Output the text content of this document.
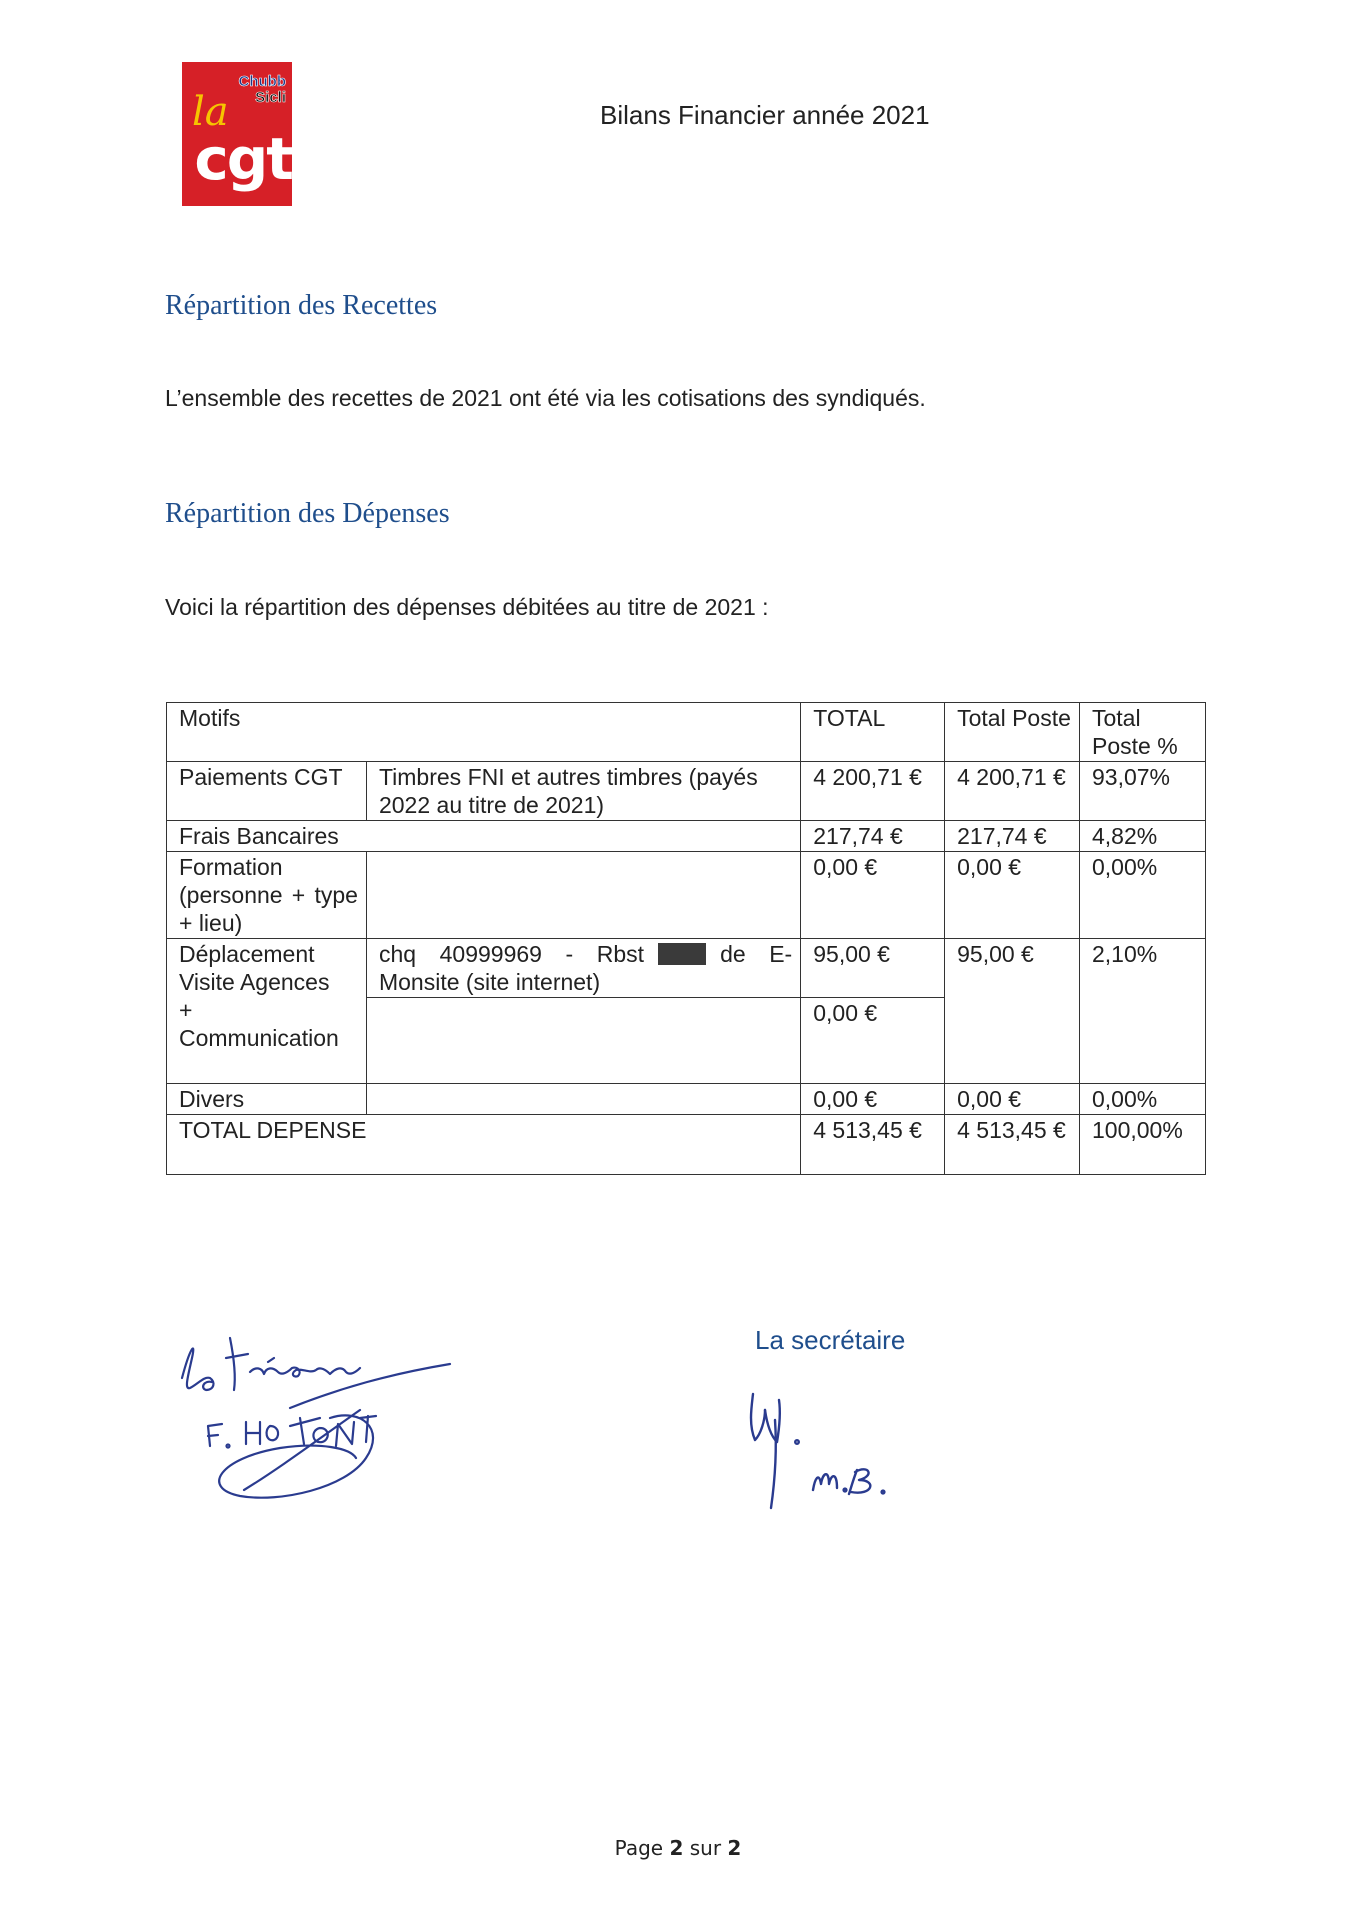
Chubb
Sicli
la
cgt
Bilans Financier année 2021
Répartition des Recettes
L’ensemble des recettes de 2021 ont été via les cotisations des syndiqués.
Répartition des Dépenses
Voici la répartition des dépenses débitées au titre de 2021 :
Motifs		TOTAL	Total Poste	Total Poste %
Paiements CGT	Timbres FNI et autres timbres (payés 2022 au titre de 2021)	4 200,71 €	4 200,71 €	93,07%
Frais Bancaires		217,74 €	217,74 €	4,82%
Formation (personne + type + lieu)		0,00 €	0,00 €	0,00%
Déplacement Visite Agences + Communication	chq 40999969 - Rbst de E-Monsite (site internet)	95,00 €	95,00 €	2,10%
		0,00 €		
Divers		0,00 €	0,00 €	0,00%
TOTAL DEPENSE		4 513,45 €	4 513,45 €	100,00%
La secrétaire
Page 2 sur 2
